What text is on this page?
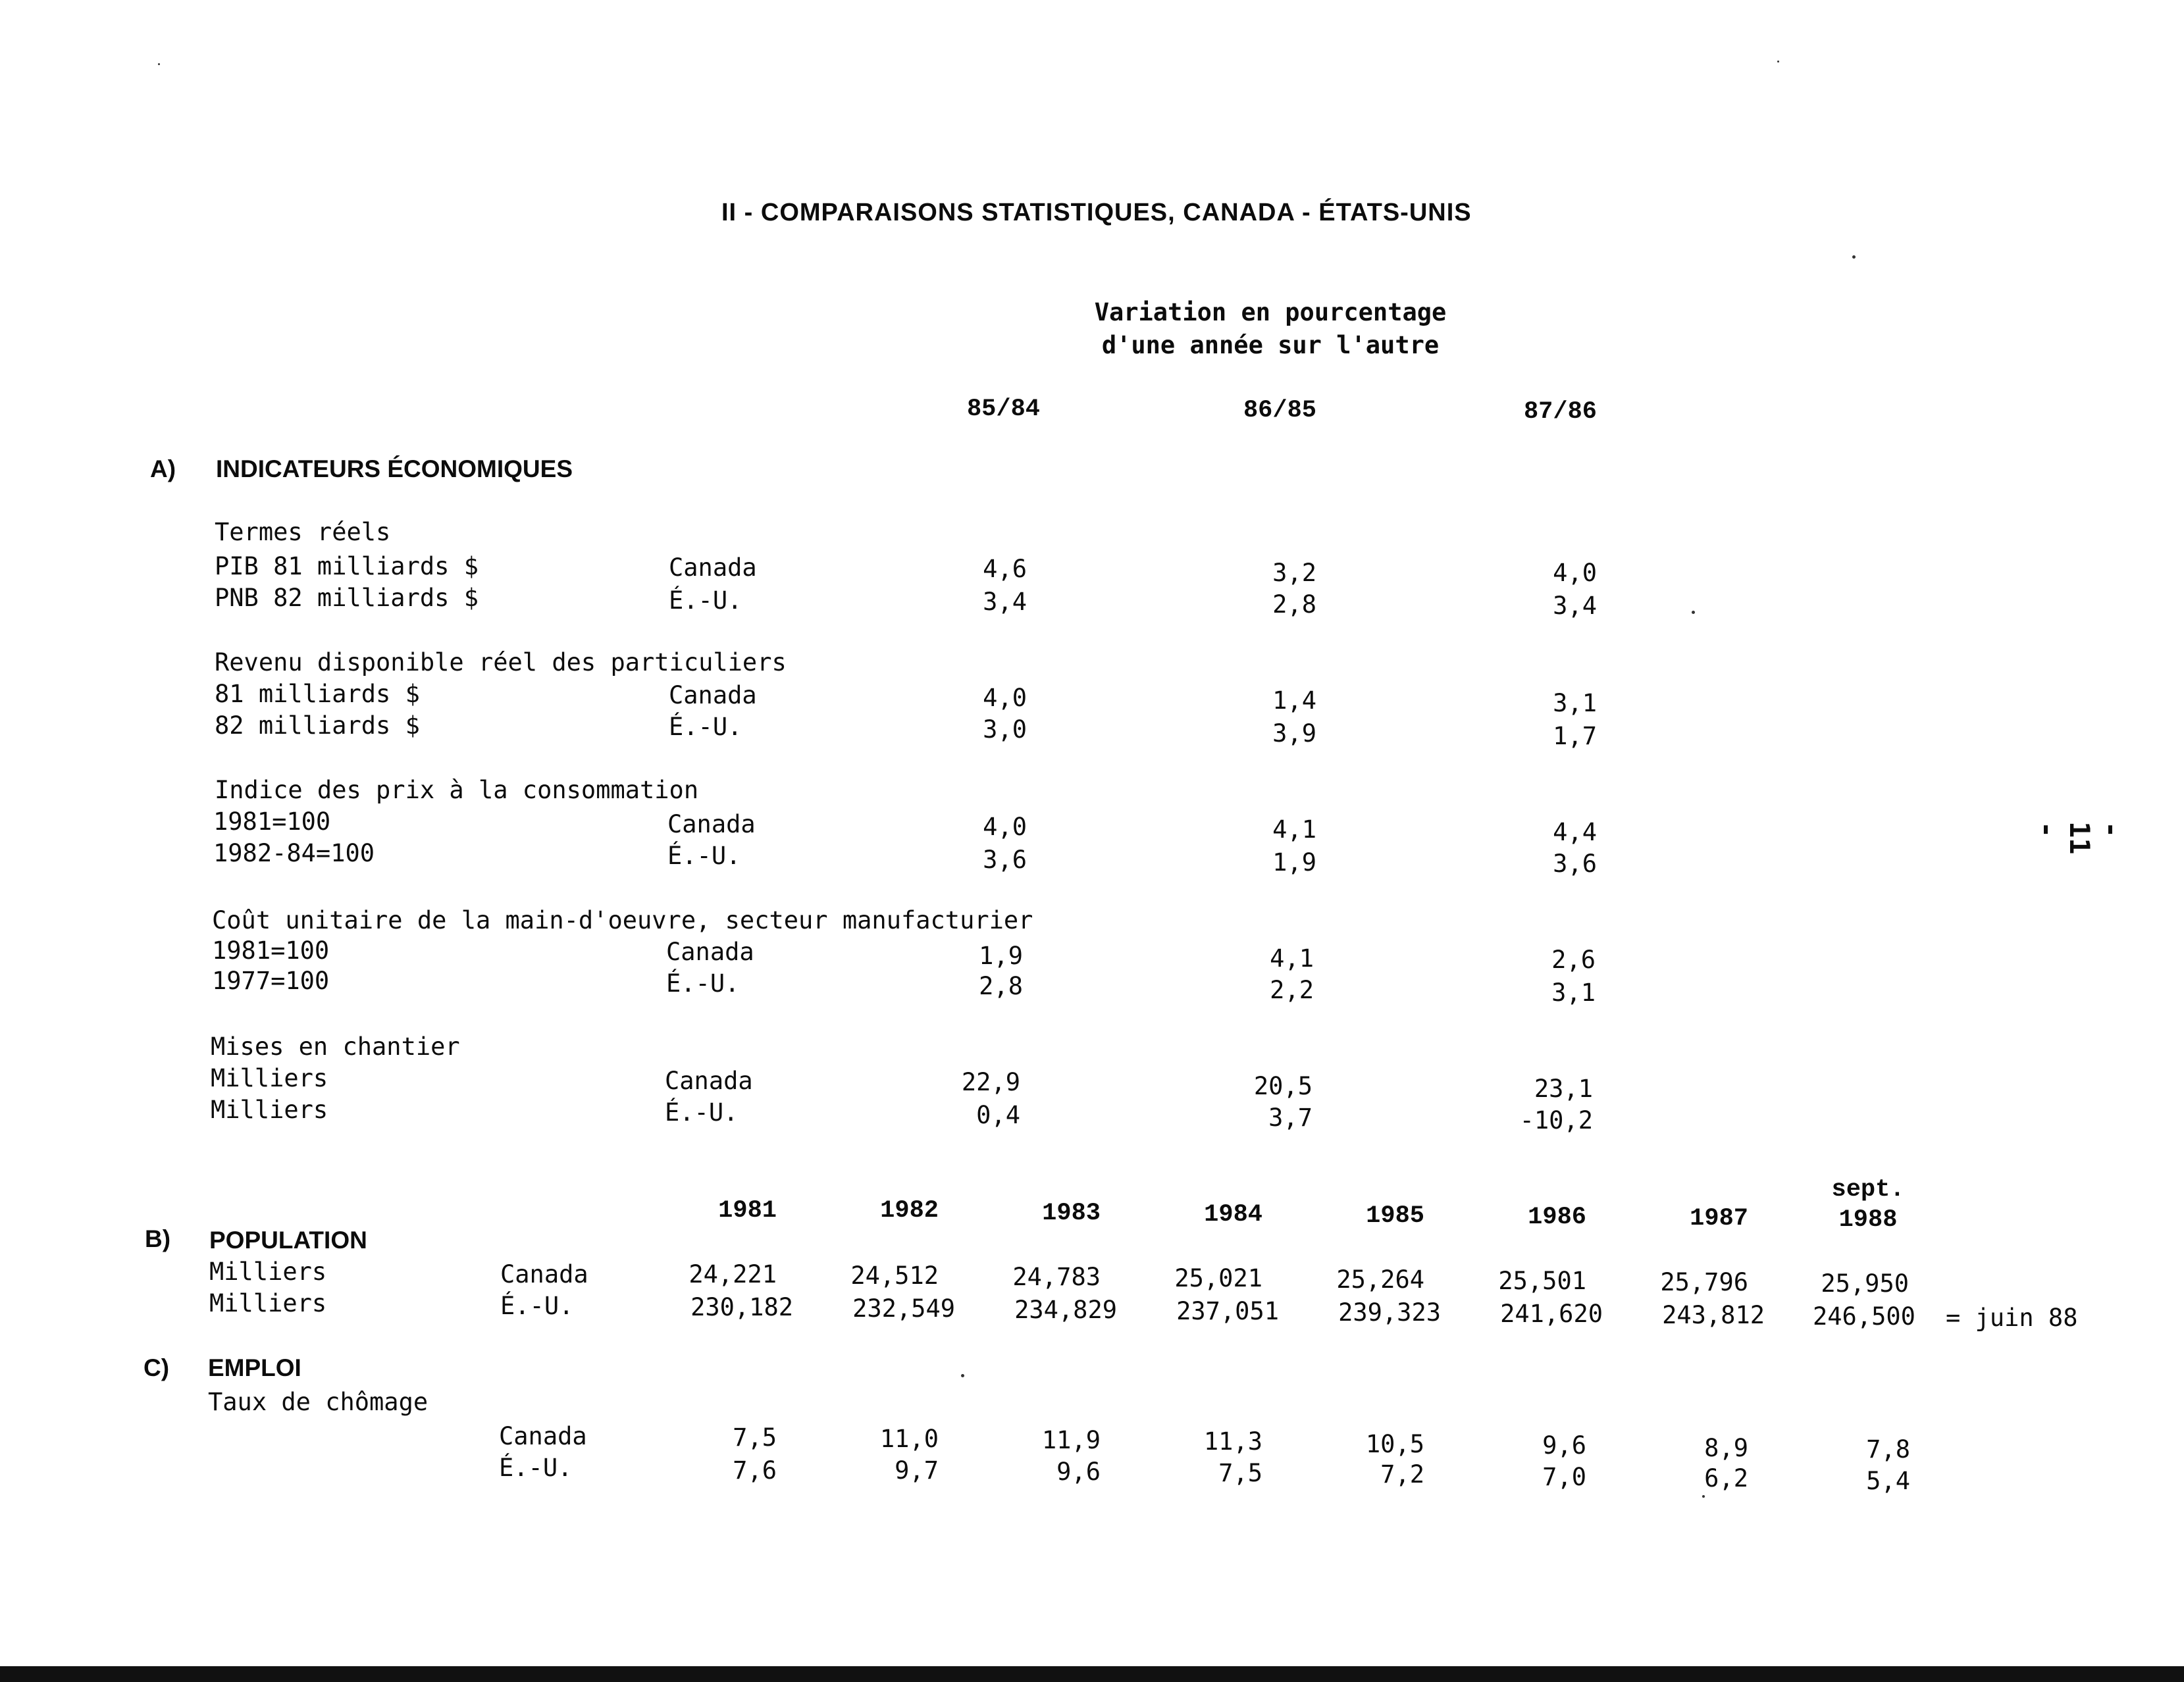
II - COMPARAISONS STATISTIQUES, CANADA - ÉTATS-UNIS
Variation en pourcentage
d'une année sur l'autre
85/84	86/85	87/86
A) INDICATEURS ÉCONOMIQUES
Termes réels
PIB 81 milliards $	Canada	4,6	3,2	4,0
PNB 82 milliards $	É.-U.	3,4	2,8	3,4
Revenu disponible réel des particuliers
81 milliards $	Canada	4,0	1,4	3,1
82 milliards $	É.-U.	3,0	3,9	1,7
Indice des prix à la consommation
1981=100	Canada	4,0	4,1	4,4
1982-84=100	É.-U.	3,6	1,9	3,6
Coût unitaire de la main-d'oeuvre, secteur manufacturier
1981=100	Canada	1,9	4,1	2,6
1977=100	É.-U.	2,8	2,2	3,1
Mises en chantier
Milliers	Canada	22,9	20,5	23,1
Milliers	É.-U.	0,4	3,7	-10,2
1981	1982	1983	1984	1985	1986	1987
sept.
1988
B) POPULATION
Milliers	Canada	24,221	24,512	24,783	25,021	25,264	25,501	25,796	25,950
Milliers	É.-U.	230,182	232,549	234,829	237,051	239,323	241,620	243,812 246,500 = juin 88
C) EMPLOI
Taux de chômage
Canada	7,5	11,0	11,9	11,3	10,5	9,6	8,9	7,8
É.-U.	7,6	9,7	9,6	7,5	7,2	7,0	6,2	5,4
- 11 -
